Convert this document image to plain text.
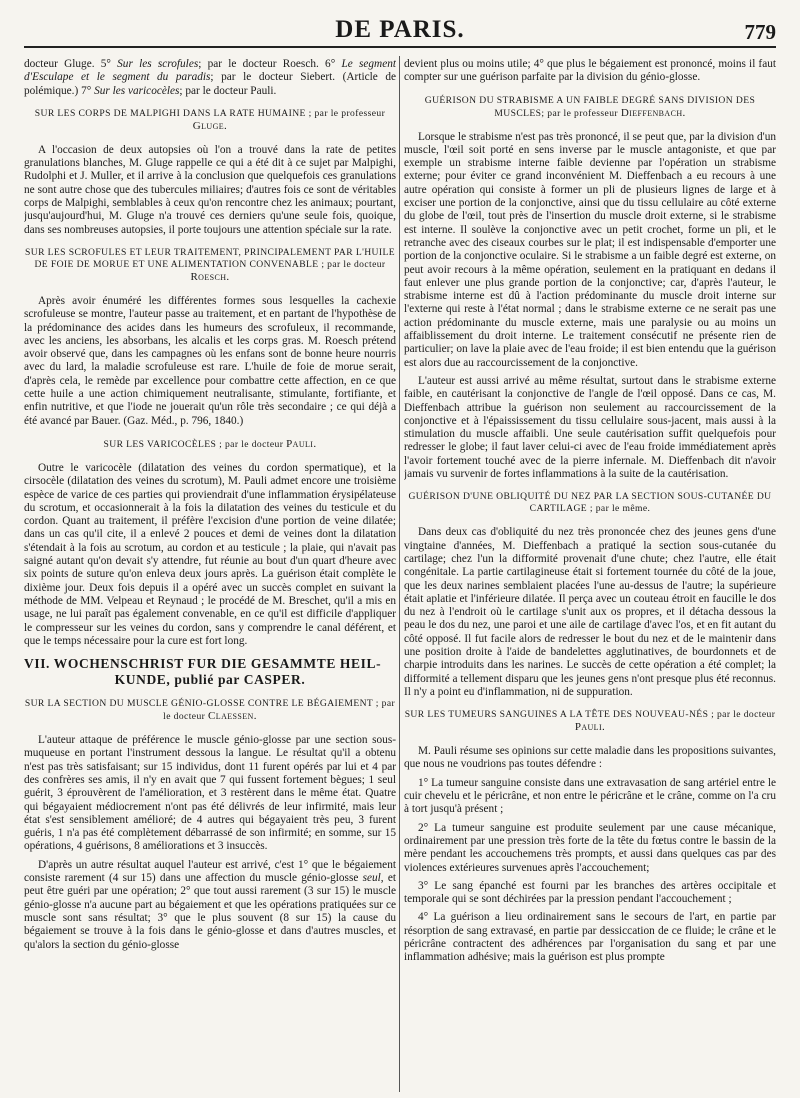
DE PARIS.	779

docteur Gluge. 5° Sur les scrofules; par le docteur Roesch. 6° Le segment d'Esculape et le segment du paradis; par le docteur Siebert. (Article de polémique.) 7° Sur les varicocèles; par le docteur Pauli.

SUR LES CORPS DE MALPIGHI DANS LA RATE HUMAINE ; par le professeur Gluge.

A l'occasion de deux autopsies où l'on a trouvé dans la rate de petites granulations blanches, M. Gluge rappelle ce qui a été dit à ce sujet par Malpighi, Rudolphi et J. Muller, et il arrive à la conclusion que quelquefois ces granulations ne sont autre chose que des tubercules miliaires; d'autres fois ce sont de véritables corps de Malpighi, semblables à ceux qu'on rencontre chez les animaux; pourtant, jusqu'aujourd'hui, M. Gluge n'a trouvé ces derniers qu'une seule fois, quoique, dans ses nombreuses autopsies, il porte toujours une attention spéciale sur la rate.

SUR LES SCROFULES ET LEUR TRAITEMENT, PRINCIPALEMENT PAR L'HUILE DE FOIE DE MORUE ET UNE ALIMENTATION CONVENABLE ; par le docteur Roesch.

Après avoir énuméré les différentes formes sous lesquelles la cachexie scrofuleuse se montre, l'auteur passe au traitement, et en partant de l'hypothèse de la prédominance des acides dans les humeurs des scrofuleux, il recommande, avec les anciens, les absorbans, les alcalis et les corps gras. M. Roesch prétend avoir observé que, dans les campagnes où les enfans sont de bonne heure nourris avec du lard, la maladie scrofuleuse est rare. L'huile de foie de morue serait, d'après cela, le remède par excellence pour combattre cette affection, en ce que cette huile a une action chimiquement neutralisante, stimulante, fortifiante, et enfin nutritive, et que l'iode ne jouerait qu'un rôle très secondaire ; ce qui déjà a été avancé par Bauer. (Gaz. Méd., p. 796, 1840.)

SUR LES VARICOCÈLES ; par le docteur Pauli.

Outre le varicocèle (dilatation des veines du cordon spermatique), et la cirsocèle (dilatation des veines du scrotum), M. Pauli admet encore une troisième espèce de varice de ces parties qui proviendrait d'une inflammation érysipélateuse du scrotum, et occasionnerait à la fois la dilatation des veines du testicule et du cordon. Quant au traitement, il préfère l'excision d'une portion de veine dilatée; dans un cas qu'il cite, il a enlevé 2 pouces et demi de veines dont la dilatation s'étendait à la fois au scrotum, au cordon et au testicule ; la plaie, qui n'avait pas saigné autant qu'on devait s'y attendre, fut réunie au bout d'un quart d'heure avec six points de suture qu'on enleva deux jours après. La guérison était complète le dixième jour. Deux fois depuis il a opéré avec un succès complet en suivant la méthode de MM. Velpeau et Reynaud ; le procédé de M. Breschet, qu'il a mis en usage, ne lui paraît pas également convenable, en ce qu'il est difficile d'appliquer le compresseur sur les veines du cordon, sans y comprendre le canal déférent, et que le temps nécessaire pour la cure est fort long.

VII. WOCHENSCHRIST FUR DIE GESAMMTE HEIL-
KUNDE, publié par CASPER.
SUR LA SECTION DU MUSCLE GÉNIO-GLOSSE CONTRE LE BÉGAIEMENT ; par le docteur Claessen.

L'auteur attaque de préférence le muscle génio-glosse par une section sous-muqueuse en portant l'instrument dessous la langue. Le résultat qu'il a obtenu n'est pas très satisfaisant; sur 15 individus, dont 11 furent opérés par lui et 4 par des confrères ses amis, il n'y en avait que 7 qui fussent fortement bègues; 1 seul guérit, 3 éprouvèrent de l'amélioration, et 3 restèrent dans le même état. Quatre qui bégayaient médiocrement n'ont pas été délivrés de leur infirmité, mais leur état s'est sensiblement amélioré; de 4 autres qui bégayaient très peu, 3 furent guéris, 1 n'a pas été complètement débarrassé de son infirmité; en somme, sur 15 opérations, 4 guérisons, 8 améliorations et 3 insuccès.

D'après un autre résultat auquel l'auteur est arrivé, c'est 1° que le bégaiement consiste rarement (4 sur 15) dans une affection du muscle génio-glosse seul, et peut être guéri par une opération; 2° que tout aussi rarement (3 sur 15) le muscle génio-glosse n'a aucune part au bégaiement et que les opérations pratiquées sur ce muscle sont sans résultat; 3° que le plus souvent (8 sur 15) la cause du bégaiement se trouve à la fois dans le génio-glosse et dans d'autres muscles, et qu'alors la section du génio-glosse

devient plus ou moins utile; 4° que plus le bégaiement est prononcé, moins il faut compter sur une guérison parfaite par la division du génio-glosse.

GUÉRISON DU STRABISME A UN FAIBLE DEGRÉ SANS DIVISION DES MUSCLES; par le professeur Dieffenbach.

Lorsque le strabisme n'est pas très prononcé, il se peut que, par la division d'un muscle, l'œil soit porté en sens inverse par le muscle antagoniste, et que par exemple un strabisme interne faible devienne par l'opération un strabisme externe; pour éviter ce grand inconvénient M. Dieffenbach a eu recours à une autre opération qui consiste à former un pli de plusieurs lignes de large et à exciser une portion de la conjonctive, ainsi que du tissu cellulaire au côté externe du globe de l'œil, tout près de l'insertion du muscle droit externe, si le strabisme est interne. Il soulève la conjonctive avec un petit crochet, forme un pli, et le retranche avec des ciseaux courbes sur le plat; il est indispensable d'emporter une portion de la conjonctive oculaire. Si le strabisme a un faible degré est externe, on peut avoir recours à la même opération, seulement en la pratiquant en dedans il faut enlever une plus grande portion de la conjonctive; car, d'après l'auteur, le strabisme interne est dû à l'action prédominante du muscle droit interne sur l'externe qui reste à l'état normal ; dans le strabisme externe ce ne serait pas une action prédominante du muscle externe, mais une paralysie ou au moins un affaiblissement du droit interne. Le traitement consécutif ne présente rien de particulier; on lave la plaie avec de l'eau froide; il est bien entendu que la guérison est alors due au raccourcissement de la conjonctive.

L'auteur est aussi arrivé au même résultat, surtout dans le strabisme externe faible, en cautérisant la conjonctive de l'angle de l'œil opposé. Dans ce cas, M. Dieffenbach attribue la guérison non seulement au raccourcissement de la conjonctive et à l'épaississement du tissu cellulaire sous-jacent, mais aussi à la stimulation du muscle affaibli. Une seule cautérisation suffit quelquefois pour redresser le globe; il faut laver celui-ci avec de l'eau froide immédiatement après l'avoir fortement touché avec de la pierre infernale. M. Dieffenbach dit n'avoir jamais vu survenir de fortes inflammations à la suite de la cautérisation.

GUÉRISON D'UNE OBLIQUITÉ DU NEZ PAR LA SECTION SOUS-CUTANÉE DU CARTILAGE ; par le même.

Dans deux cas d'obliquité du nez très prononcée chez des jeunes gens d'une vingtaine d'années, M. Dieffenbach a pratiqué la section sous-cutanée du cartilage; chez l'un la difformité provenait d'une chute; chez l'autre, elle était congénitale. La partie cartilagineuse était si fortement tournée du côté de la joue, que les deux narines semblaient placées l'une au-dessus de l'autre; la supérieure était aplatie et l'inférieure dilatée. Il perça avec un couteau étroit en faucille le dos du nez à l'endroit où le cartilage s'unit aux os propres, et il détacha dessous la peau le dos du nez, une paroi et une aile de cartilage d'avec l'os, et en fit autant du côté opposé. Il fut facile alors de redresser le bout du nez et de le maintenir dans une position droite à l'aide de bandelettes agglutinatives, de bourdonnets et de charpie introduits dans les narines. Le succès de cette opération a été complet; la difformité a tellement disparu que les jeunes gens n'ont presque plus été reconnus. Il n'y a point eu d'inflammation, ni de suppuration.

SUR LES TUMEURS SANGUINES A LA TÊTE DES NOUVEAU-NÉS ; par le docteur Pauli.

M. Pauli résume ses opinions sur cette maladie dans les propositions suivantes, que nous ne voudrions pas toutes défendre :

1° La tumeur sanguine consiste dans une extravasation de sang artériel entre le cuir chevelu et le péricrâne, et non entre le péricrâne et le crâne, comme on l'a cru à tort jusqu'à présent ;

2° La tumeur sanguine est produite seulement par une cause mécanique, ordinairement par une pression très forte de la tête du fœtus contre le bassin de la mère pendant les accouchemens très prompts, et aussi dans quelques cas par des violences extérieures survenues après l'accouchement;

3° Le sang épanché est fourni par les branches des artères occipitale et temporale qui se sont déchirées par la pression pendant l'accouchement ;

4° La guérison a lieu ordinairement sans le secours de l'art, en partie par résorption de sang extravasé, en partie par dessiccation de ce fluide; le crâne et le péricrâne contractent des adhérences par l'organisation du sang et par une inflammation adhésive; mais la guérison est plus prompte
